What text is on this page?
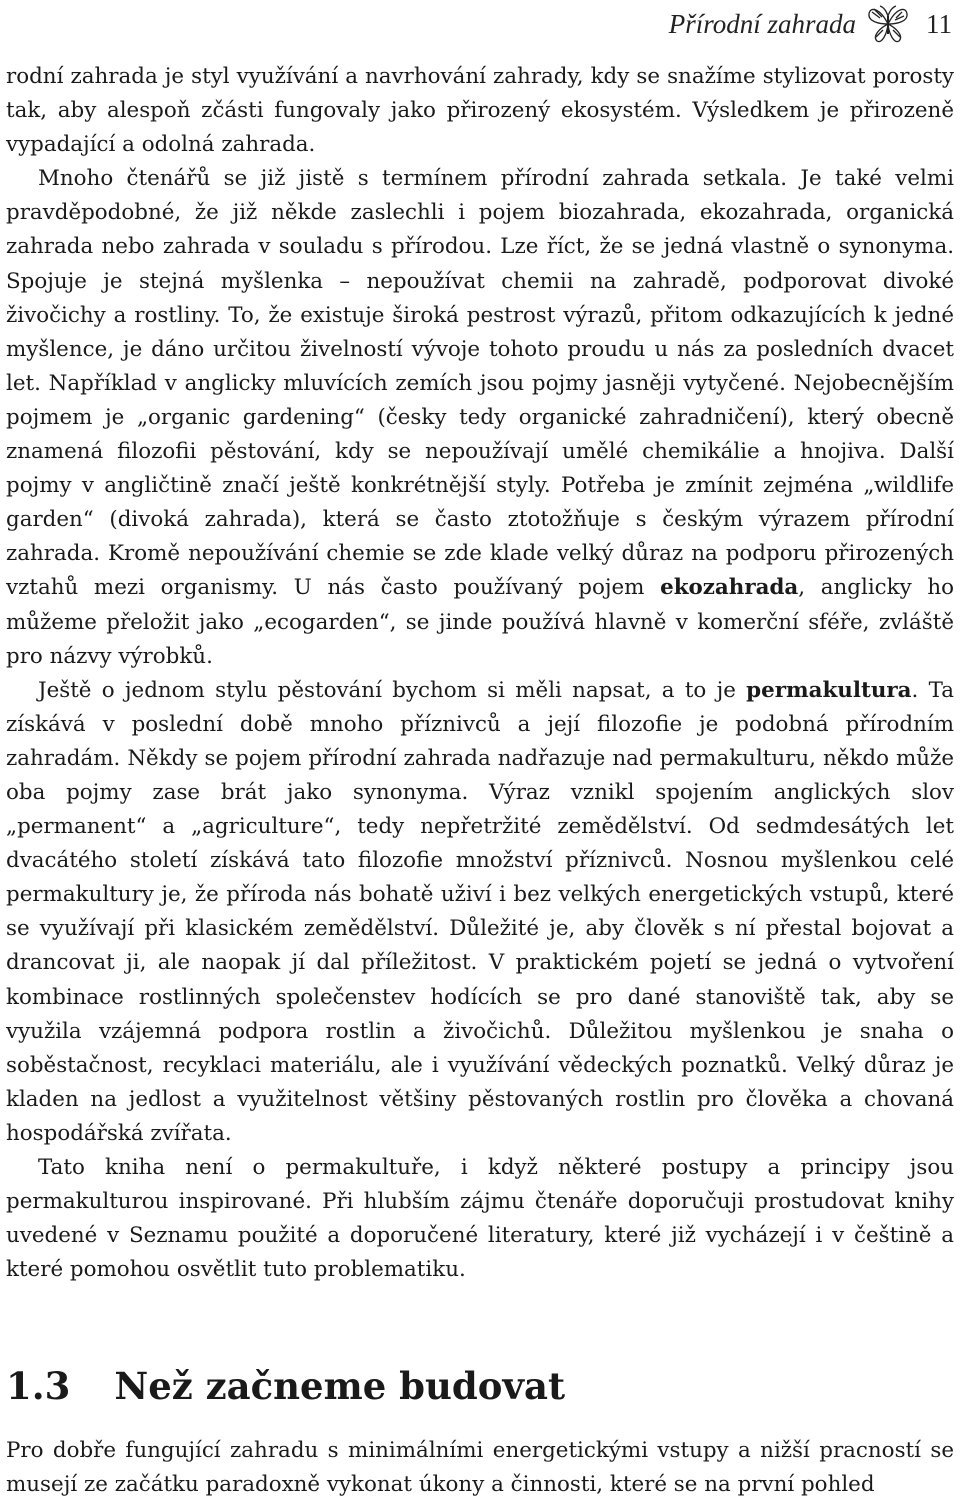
Přírodní zahrada	11

rodní zahrada je styl využívání a navrhování zahrady, kdy se snažíme stylizovat porosty tak, aby alespoň zčásti fungovaly jako přirozený ekosystém. Výsledkem je přirozeně vypadající a odolná zahrada.

Mnoho čtenářů se již jistě s termínem přírodní zahrada setkala. Je také velmi pravděpodobné, že již někde zaslechli i pojem biozahrada, ekozahrada, organická zahrada nebo zahrada v souladu s přírodou. Lze říct, že se jedná vlastně o synonyma. Spojuje je stejná myšlenka – nepoužívat chemii na zahradě, podporovat divoké živočichy a rostliny. To, že existuje široká pestrost výrazů, přitom odkazujících k jedné myšlence, je dáno určitou živelností vývoje tohoto proudu u nás za posledních dvacet let. Například v anglicky mluvících zemích jsou pojmy jasněji vytyčené. Nejobecnějším pojmem je „organic gardening“ (česky tedy organické zahradničení), který obecně znamená filozofii pěstování, kdy se nepoužívají umělé chemikálie a hnojiva. Další pojmy v angličtině značí ještě konkrétnější styly. Potřeba je zmínit zejména „wildlife garden“ (divoká zahrada), která se často ztotožňuje s českým výrazem přírodní zahrada. Kromě nepoužívání chemie se zde klade velký důraz na podporu přirozených vztahů mezi organismy. U nás často používaný pojem ekozahrada, anglicky ho můžeme přeložit jako „ecogarden“, se jinde používá hlavně v komerční sféře, zvláště pro názvy výrobků.

Ještě o jednom stylu pěstování bychom si měli napsat, a to je permakultura. Ta získává v poslední době mnoho příznivců a její filozofie je podobná přírodním zahradám. Někdy se pojem přírodní zahrada nadřazuje nad permakulturu, někdo může oba pojmy zase brát jako synonyma. Výraz vznikl spojením anglických slov „permanent“ a „agriculture“, tedy nepřetržité zemědělství. Od sedmdesátých let dvacátého století získává tato filozofie množství příznivců. Nosnou myšlenkou celé permakultury je, že příroda nás bohatě uživí i bez velkých energetických vstupů, které se využívají při klasickém zemědělství. Důležité je, aby člověk s ní přestal bojovat a drancovat ji, ale naopak jí dal příležitost. V praktickém pojetí se jedná o vytvoření kombinace rostlinných společenstev hodících se pro dané stanoviště tak, aby se využila vzájemná podpora rostlin a živočichů. Důležitou myšlenkou je snaha o soběstačnost, recyklaci materiálu, ale i využívání vědeckých poznatků. Velký důraz je kladen na jedlost a využitelnost většiny pěstovaných rostlin pro člověka a chovaná hospodářská zvířata.

Tato kniha není o permakultuře, i když některé postupy a principy jsou permakulturou inspirované. Při hlubším zájmu čtenáře doporučuji prostudovat knihy uvedené v Seznamu použité a doporučené literatury, které již vycházejí i v češtině a které pomohou osvětlit tuto problematiku.

1.3 Než začneme budovat
Pro dobře fungující zahradu s minimálními energetickými vstupy a nižší pracností se musejí ze začátku paradoxně vykonat úkony a činnosti, které se na první pohled
